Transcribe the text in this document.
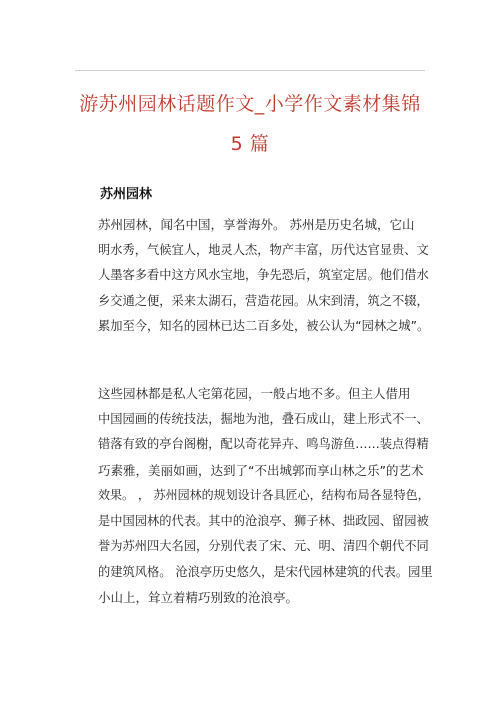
游苏州园林话题作文_小学作文素材集锦
5 篇
苏州园林
苏州园林，闻名中国，享誉海外。 苏州是历史名城，它山
明水秀，气候宜人，地灵人杰，物产丰富，历代达官显贵、文
人墨客多看中这方风水宝地，争先恐后，筑室定居。他们借水
乡交通之便，采来太湖石，营造花园。从宋到清，筑之不辍，
累加至今，知名的园林已达二百多处，被公认为“园林之城”。
这些园林都是私人宅第花园，一般占地不多。但主人借用
中国园画的传统技法，掘地为池，叠石成山，建上形式不一、
错落有致的亭台阁榭，配以奇花异卉、鸣鸟游鱼……装点得精
巧素雅，美丽如画，达到了“不出城郭而享山林之乐”的艺术
效果。 ， 苏州园林的规划设计各具匠心，结构布局各显特色，
是中国园林的代表。其中的沧浪亭、狮子林、拙政园、留园被
誉为苏州四大名园，分别代表了宋、元、明、清四个朝代不同
的建筑风格。 沧浪亭历史悠久，是宋代园林建筑的代表。园里
小山上，耸立着精巧别致的沧浪亭。
